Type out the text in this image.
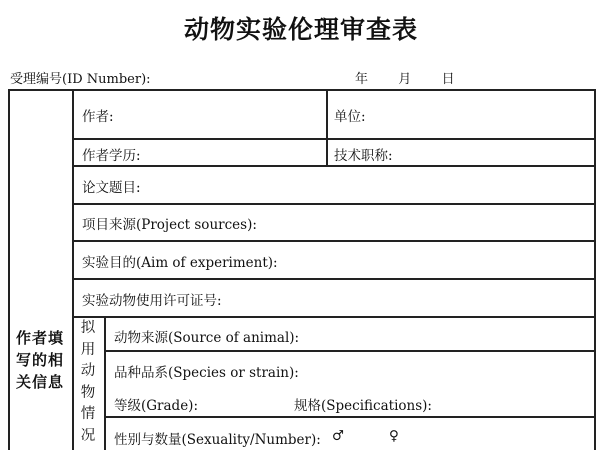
动物实验伦理审查表
受理编号(ID Number):	年 月 日
作者:	单位:
作者学历:	技术职称:
论文题目:
项目来源(Project sources):
实验目的(Aim of experiment):
实验动物使用许可证号:
作者填写的相关信息
拟用动物情况
动物来源(Source of animal):
品种品系(Species or strain):
等级(Grade):	规格(Specifications):
性别与数量(Sexuality/Number): ♂	♀
